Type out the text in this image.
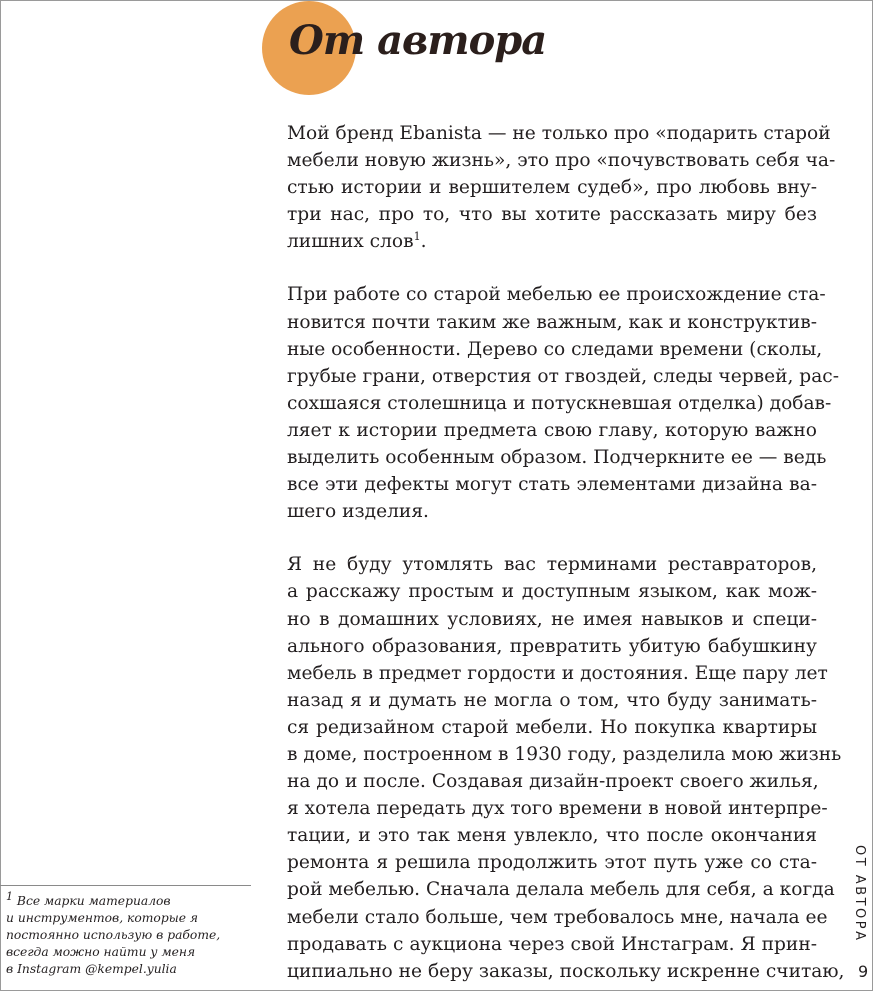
От автора

Мой бренд Ebanista — не только про «подарить старой
мебели новую жизнь», это про «почувствовать себя ча-
стью истории и вершителем судеб», про любовь вну-
три нас, про то, что вы хотите рассказать миру без
лишних слов$^1$.

При работе со старой мебелью ее происхождение ста-
новится почти таким же важным, как и конструктив-
ные особенности. Дерево со следами времени (сколы,
грубые грани, отверстия от гвоздей, следы червей, рас-
сохшаяся столешница и потускневшая отделка) добав-
ляет к истории предмета свою главу, которую важно
выделить особенным образом. Подчеркните ее — ведь
все эти дефекты могут стать элементами дизайна ва-
шего изделия.

Я не буду утомлять вас терминами реставраторов,
а расскажу простым и доступным языком, как мож-
но в домашних условиях, не имея навыков и специ-
ального образования, превратить убитую бабушкину
мебель в предмет гордости и достояния. Еще пару лет
назад я и думать не могла о том, что буду занимать-
ся редизайном старой мебели. Но покупка квартиры
в доме, построенном в 1930 году, разделила мою жизнь
на до и после. Создавая дизайн-проект своего жилья,
я хотела передать дух того времени в новой интерпре-
тации, и это так меня увлекло, что после окончания
ремонта я решила продолжить этот путь уже со ста-
рой мебелью. Сначала делала мебель для себя, а когда
мебели стало больше, чем требовалось мне, начала ее
продавать с аукциона через свой Инстаграм. Я прин-
ципиально не беру заказы, поскольку искренне считаю,

$^1$ Все марки материалов
и инструментов, которые я
постоянно использую в работе,
всегда можно найти у меня
в Instagram @kempel.yulia
ОТ АВТОРА
9
